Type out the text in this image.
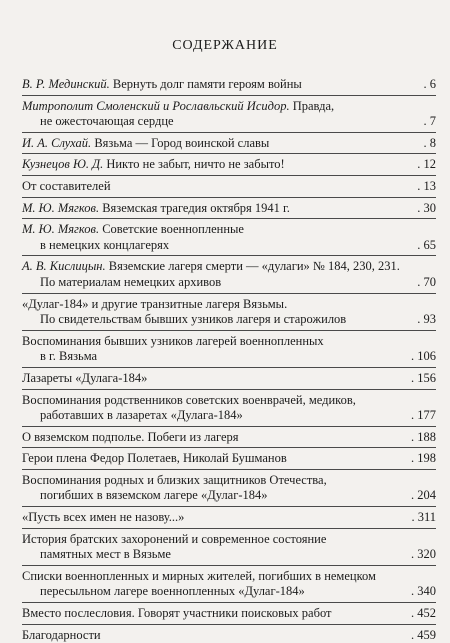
СОДЕРЖАНИЕ
В. Р. Мединский. Вернуть долг памяти героям войны	. 6
Митрополит Смоленский и Рославльский Исидор. Правда,
не ожесточающая сердце	. 7
И. А. Слухай. Вязьма — Город воинской славы	. 8
Кузнецов Ю. Д. Никто не забыт, ничто не забыто!	. 12
От составителей	. 13
М. Ю. Мягков. Вяземская трагедия октября 1941 г.	. 30
М. Ю. Мягков. Советские военнопленные
в немецких концлагерях	. 65
А. В. Кислицын. Вяземские лагеря смерти — «дулаги» № 184, 230, 231.
По материалам немецких архивов	. 70
«Дулаг-184» и другие транзитные лагеря Вязьмы.
По свидетельствам бывших узников лагеря и старожилов	. 93
Воспоминания бывших узников лагерей военнопленных
в г. Вязьма	. 106
Лазареты «Дулага-184»	. 156
Воспоминания родственников советских военврачей, медиков,
работавших в лазаретах «Дулага-184»	. 177
О вяземском подполье. Побеги из лагеря	. 188
Герои плена Федор Полетаев, Николай Бушманов	. 198
Воспоминания родных и близких защитников Отечества,
погибших в вяземском лагере «Дулаг-184»	. 204
«Пусть всех имен не назову...»	. 311
История братских захоронений и современное состояние
памятных мест в Вязьме	. 320
Списки военнопленных и мирных жителей, погибших в немецком
пересыльном лагере военнопленных «Дулаг-184»	. 340
Вместо послесловия. Говорят участники поисковых работ	. 452
Благодарности	. 459
